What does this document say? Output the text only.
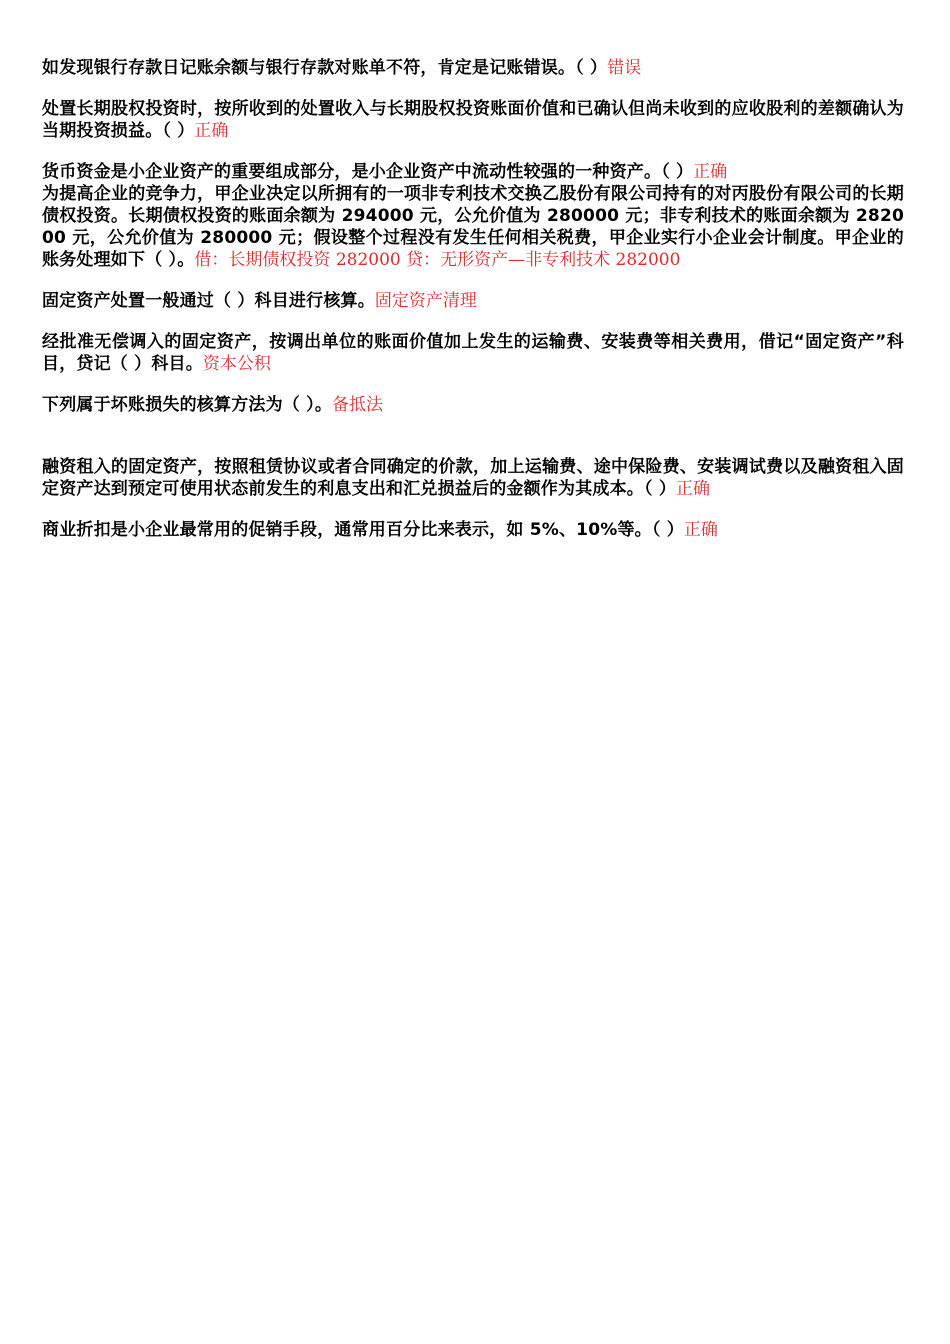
如发现银行存款日记账余额与银行存款对账单不符，肯定是记账错误。（ ）错误

处置长期股权投资时，按所收到的处置收入与长期股权投资账面价值和已确认但尚未收到的应收股利的差额确认为当期投资损益。（ ）正确

货币资金是小企业资产的重要组成部分，是小企业资产中流动性较强的一种资产。（ ）正确

为提高企业的竞争力，甲企业决定以所拥有的一项非专利技术交换乙股份有限公司持有的对丙股份有限公司的长期债权投资。长期债权投资的账面余额为 294000 元，公允价值为 280000 元；非专利技术的账面余额为 282000 元，公允价值为 280000 元；假设整个过程没有发生任何相关税费，甲企业实行小企业会计制度。甲企业的账务处理如下（ ）。借：长期债权投资 282000 贷：无形资产—非专利技术 282000

固定资产处置一般通过（ ）科目进行核算。固定资产清理

经批准无偿调入的固定资产，按调出单位的账面价值加上发生的运输费、安装费等相关费用，借记“固定资产”科目，贷记（ ）科目。资本公积

下列属于坏账损失的核算方法为（ ）。备抵法

融资租入的固定资产，按照租赁协议或者合同确定的价款，加上运输费、途中保险费、安装调试费以及融资租入固定资产达到预定可使用状态前发生的利息支出和汇兑损益后的金额作为其成本。（ ）正确

商业折扣是小企业最常用的促销手段，通常用百分比来表示，如 5%、10%等。（ ）正确
